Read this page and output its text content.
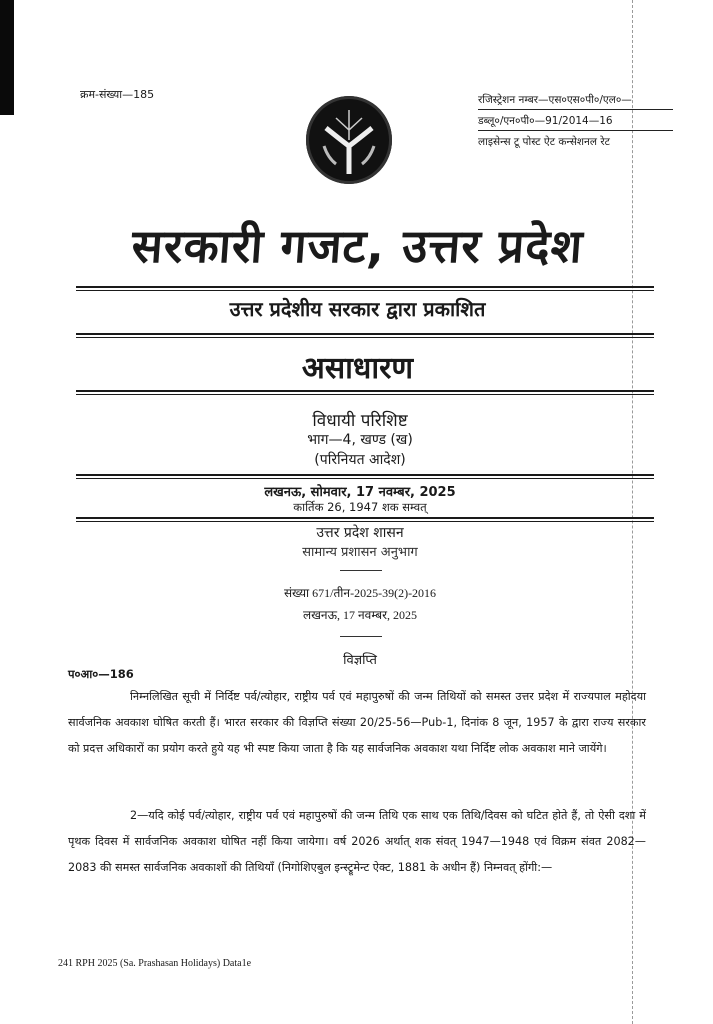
क्रम-संख्या—185	रजिस्ट्रेशन नम्बर—एस०एस०पी०/एल०—
डब्लू०/एन०पी०—91/2014—16
लाइसेन्स टू पोस्ट ऐट कन्सेशनल रेट
सरकारी गजट, उत्तर प्रदेश
उत्तर प्रदेशीय सरकार द्वारा प्रकाशित
असाधारण
विधायी परिशिष्ट
भाग—4, खण्ड (ख)
(परिनियत आदेश)
लखनऊ, सोमवार, 17 नवम्बर, 2025
कार्तिक 26, 1947 शक सम्वत्
उत्तर प्रदेश शासन
सामान्य प्रशासन अनुभाग
संख्या 671/तीन-2025-39(2)-2016
लखनऊ, 17 नवम्बर, 2025
विज्ञप्ति
प०आ०—186
निम्नलिखित सूची में निर्दिष्ट पर्व/त्योहार, राष्ट्रीय पर्व एवं महापुरुषों की जन्म तिथियों को समस्त उत्तर प्रदेश में राज्यपाल महोदया सार्वजनिक अवकाश घोषित करती हैं। भारत सरकार की विज्ञप्ति संख्या 20/25-56—Pub-1, दिनांक 8 जून, 1957 के द्वारा राज्य सरकार को प्रदत्त अधिकारों का प्रयोग करते हुये यह भी स्पष्ट किया जाता है कि यह सार्वजनिक अवकाश यथा निर्दिष्ट लोक अवकाश माने जायेंगे।
2—यदि कोई पर्व/त्योहार, राष्ट्रीय पर्व एवं महापुरुषों की जन्म तिथि एक साथ एक तिथि/दिवस को घटित होते हैं, तो ऐसी दशा में पृथक दिवस में सार्वजनिक अवकाश घोषित नहीं किया जायेगा। वर्ष 2026 अर्थात् शक संवत् 1947—1948 एवं विक्रम संवत 2082—2083 की समस्त सार्वजनिक अवकाशों की तिथियाँ (निगोशिएबुल इन्स्ट्रूमेन्ट ऐक्ट, 1881 के अधीन हैं) निम्नवत् होंगी:—
241 RPH 2025 (Sa. Prashasan Holidays) Data1e
